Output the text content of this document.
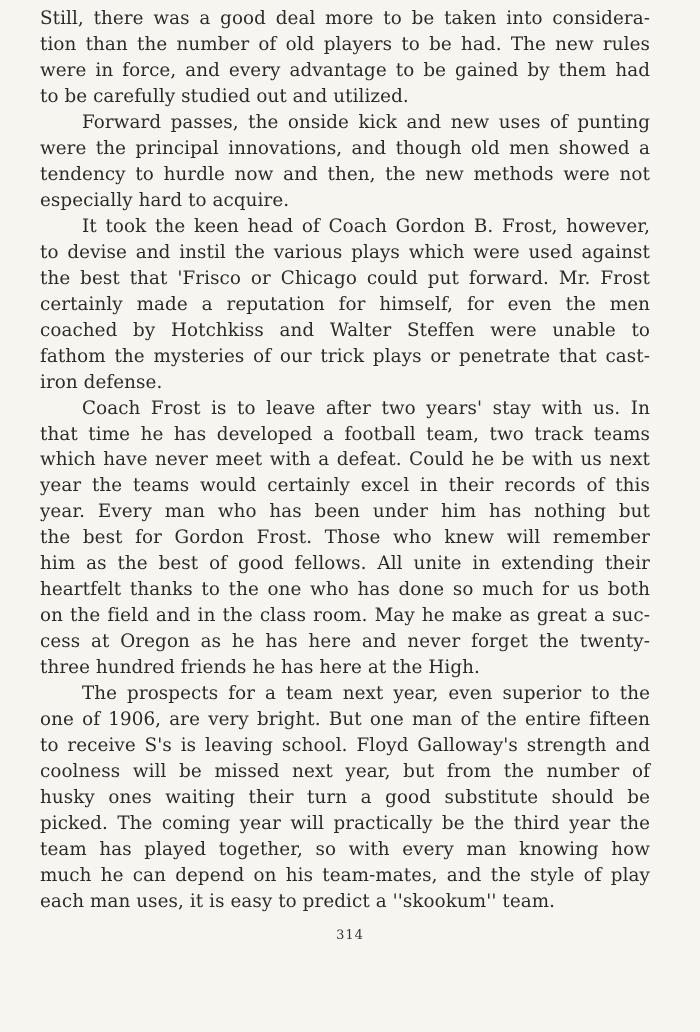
Still, there was a good deal more to be taken into considera-
tion than the number of old players to be had. The new rules
were in force, and every advantage to be gained by them had
to be carefully studied out and utilized.
Forward passes, the onside kick and new uses of punting
were the principal innovations, and though old men showed a
tendency to hurdle now and then, the new methods were not
especially hard to acquire.
It took the keen head of Coach Gordon B. Frost, however,
to devise and instil the various plays which were used against
the best that 'Frisco or Chicago could put forward. Mr. Frost
certainly made a reputation for himself, for even the men
coached by Hotchkiss and Walter Steffen were unable to
fathom the mysteries of our trick plays or penetrate that cast-
iron defense.
Coach Frost is to leave after two years' stay with us. In
that time he has developed a football team, two track teams
which have never meet with a defeat. Could he be with us next
year the teams would certainly excel in their records of this
year. Every man who has been under him has nothing but
the best for Gordon Frost. Those who knew will remember
him as the best of good fellows. All unite in extending their
heartfelt thanks to the one who has done so much for us both
on the field and in the class room. May he make as great a suc-
cess at Oregon as he has here and never forget the twenty-
three hundred friends he has here at the High.
The prospects for a team next year, even superior to the
one of 1906, are very bright. But one man of the entire fifteen
to receive S's is leaving school. Floyd Galloway's strength and
coolness will be missed next year, but from the number of
husky ones waiting their turn a good substitute should be
picked. The coming year will practically be the third year the
team has played together, so with every man knowing how
much he can depend on his team-mates, and the style of play
each man uses, it is easy to predict a ''skookum'' team.
314
